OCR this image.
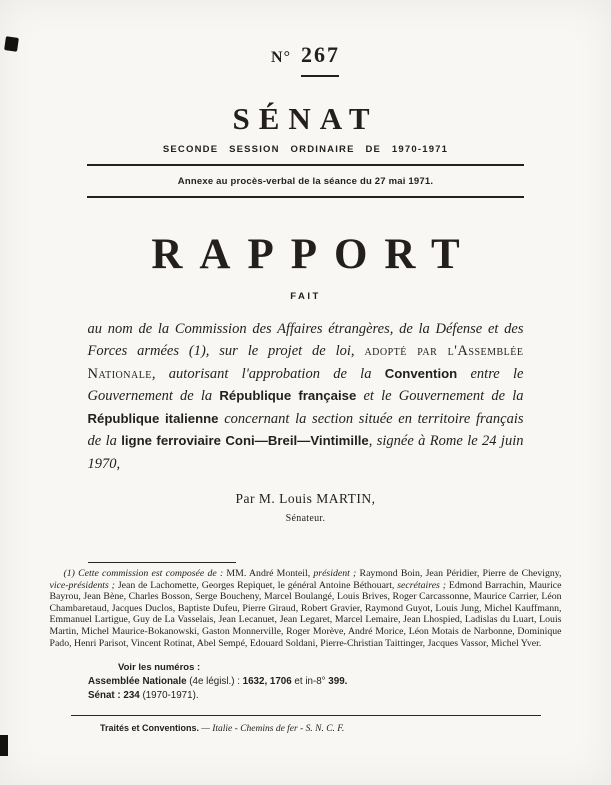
N° 267
SÉNAT
SECONDE SESSION ORDINAIRE DE 1970-1971
Annexe au procès-verbal de la séance du 27 mai 1971.
RAPPORT
FAIT

au nom de la Commission des Affaires étrangères, de la Défense et des Forces armées (1), sur le projet de loi, adopté par l'Assemblée Nationale, autorisant l'approbation de la Convention entre le Gouvernement de la République française et le Gouvernement de la République italienne concernant la section située en territoire français de la ligne ferroviaire Coni—Breil—Vintimille, signée à Rome le 24 juin 1970,

Par M. Louis MARTIN,
Sénateur.

(1) Cette commission est composée de : MM. André Monteil, président ; Raymond Boin, Jean Péridier, Pierre de Chevigny, vice-présidents ; Jean de Lachomette, Georges Repiquet, le général Antoine Béthouart, secrétaires ; Edmond Barrachin, Maurice Bayrou, Jean Bène, Charles Bosson, Serge Boucheny, Marcel Boulangé, Louis Brives, Roger Carcassonne, Maurice Carrier, Léon Chambaretaud, Jacques Duclos, Baptiste Dufeu, Pierre Giraud, Robert Gravier, Raymond Guyot, Louis Jung, Michel Kauffmann, Emmanuel Lartigue, Guy de La Vasselais, Jean Lecanuet, Jean Legaret, Marcel Lemaire, Jean Lhospied, Ladislas du Luart, Louis Martin, Michel Maurice-Bokanowski, Gaston Monnerville, Roger Morève, André Morice, Léon Motais de Narbonne, Dominique Pado, Henri Parisot, Vincent Rotinat, Abel Sempé, Edouard Soldani, Pierre-Christian Taittinger, Jacques Vassor, Michel Yver.

Voir les numéros :
Assemblée Nationale (4e législ.) : 1632, 1706 et in-8° 399.
Sénat : 234 (1970-1971).
Traités et Conventions. — Italie - Chemins de fer - S. N. C. F.
